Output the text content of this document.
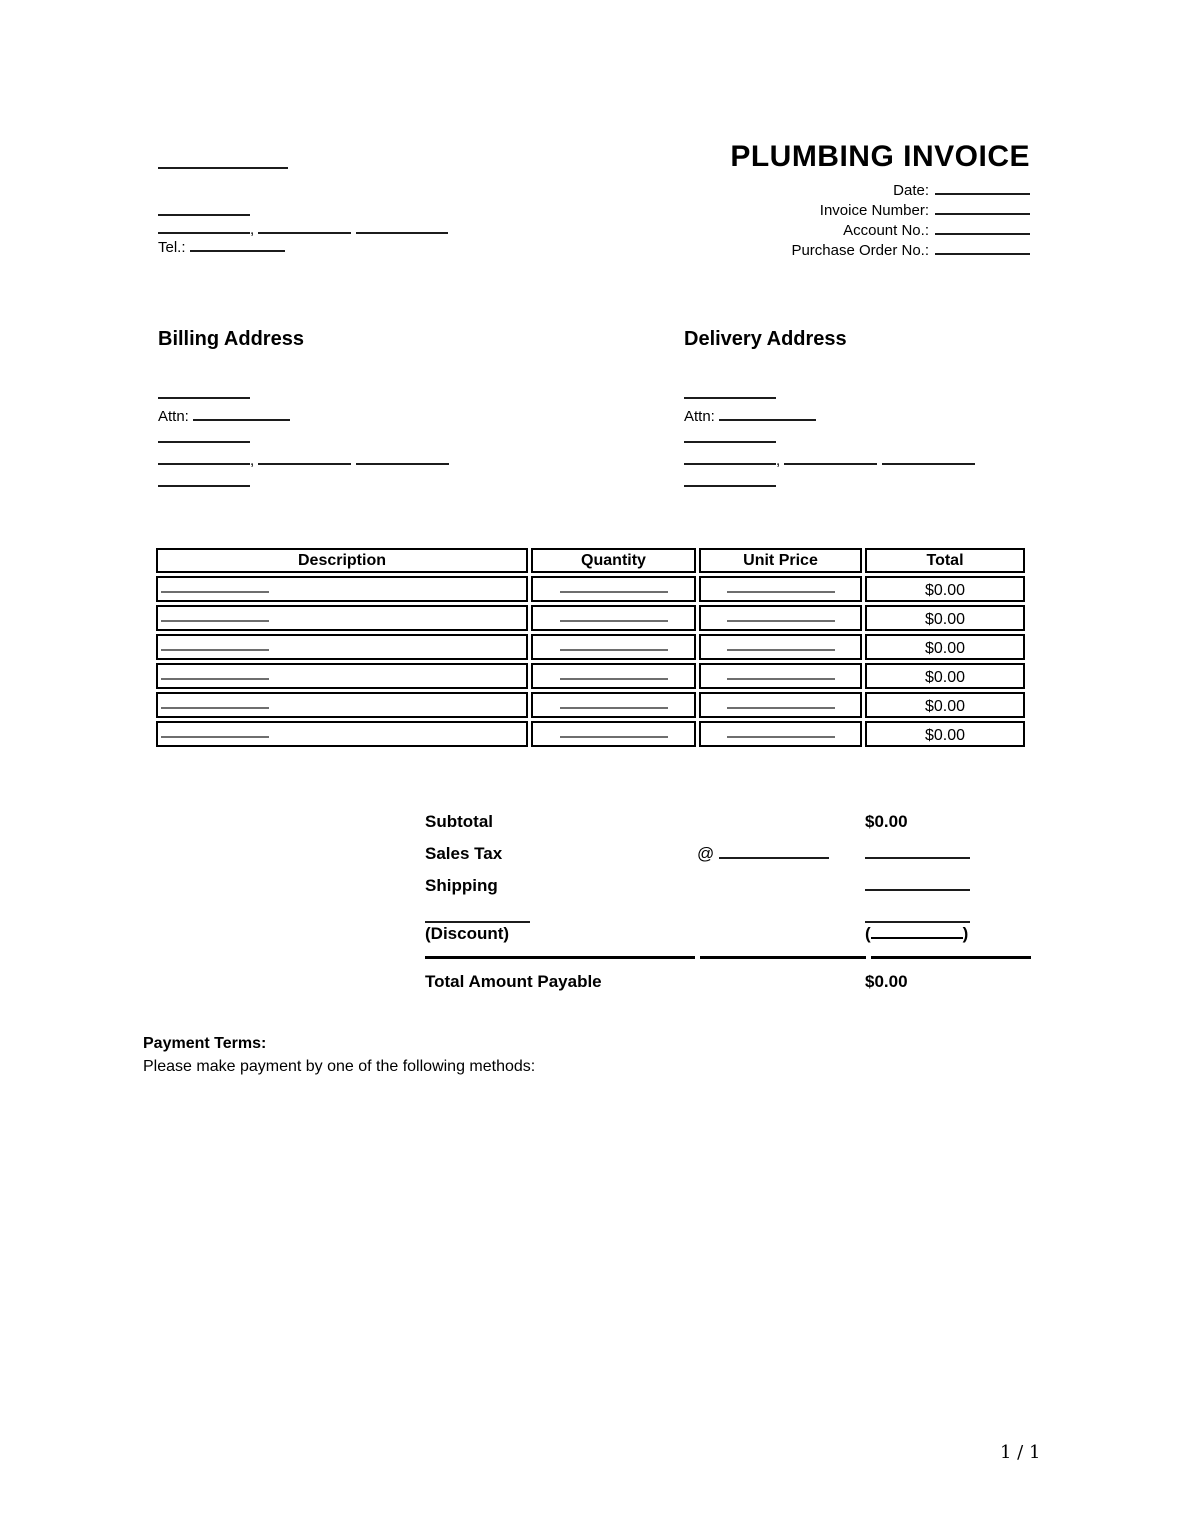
,
Tel.:
PLUMBING INVOICE
Date:
Invoice Number:
Account No.:
Purchase Order No.:
Billing Address
Attn:
,
Delivery Address
Attn:
,
Description	Quantity	Unit Price	Total
			$0.00
			$0.00
			$0.00
			$0.00
			$0.00
			$0.00
Subtotal	$0.00
Sales Tax	@
Shipping
(Discount)	(	)
Total Amount Payable	$0.00
Payment Terms:
Please make payment by one of the following methods:
1 / 1
